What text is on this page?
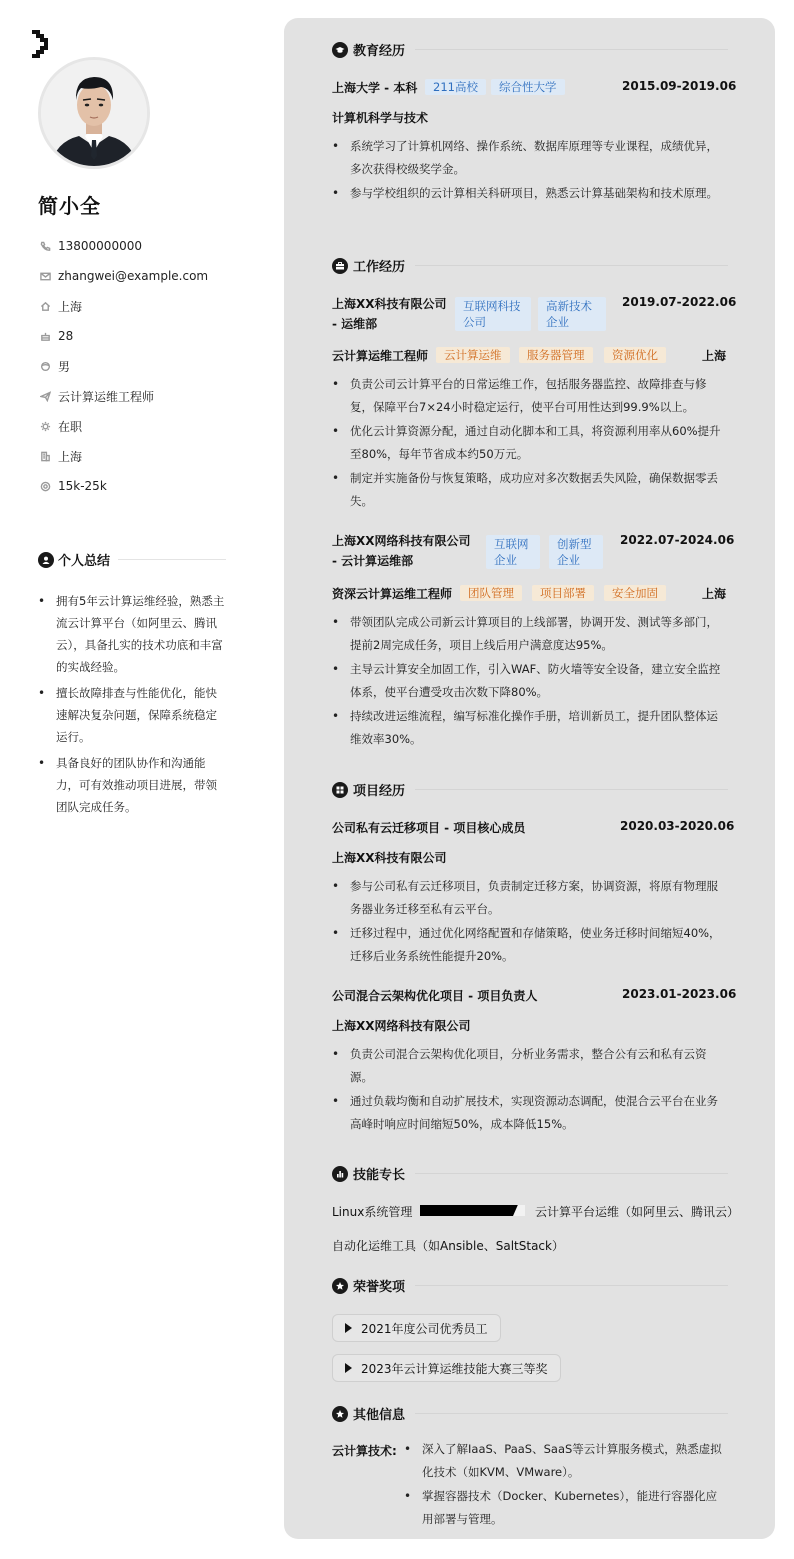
简小全
13800000000
zhangwei@example.com
上海
28
男
云计算运维工程师
在职
上海
15k-25k
个人总结
• 拥有5年云计算运维经验，熟悉主流云计算平台（如阿里云、腾讯云），具备扎实的技术功底和丰富的实战经验。
• 擅长故障排查与性能优化，能快速解决复杂问题，保障系统稳定运行。
• 具备良好的团队协作和沟通能力，可有效推动项目进展，带领团队完成任务。
教育经历
上海大学 - 本科	211高校	综合性大学	2015.09-2019.06
计算机科学与技术
• 系统学习了计算机网络、操作系统、数据库原理等专业课程，成绩优异，多次获得校级奖学金。
• 参与学校组织的云计算相关科研项目，熟悉云计算基础架构和技术原理。
工作经历
上海XX科技有限公司
- 运维部
互联网科技公司
高新技术企业
2019.07-2022.06
云计算运维工程师	云计算运维	服务器管理	资源优化	上海
• 负责公司云计算平台的日常运维工作，包括服务器监控、故障排查与修复，保障平台7×24小时稳定运行，使平台可用性达到99.9%以上。
• 优化云计算资源分配，通过自动化脚本和工具，将资源利用率从60%提升至80%，每年节省成本约50万元。
• 制定并实施备份与恢复策略，成功应对多次数据丢失风险，确保数据零丢失。
上海XX网络科技有限公司
- 云计算运维部
互联网企业
创新型企业
2022.07-2024.06
资深云计算运维工程师	团队管理	项目部署	安全加固	上海
• 带领团队完成公司新云计算项目的上线部署，协调开发、测试等多部门，提前2周完成任务，项目上线后用户满意度达95%。
• 主导云计算安全加固工作，引入WAF、防火墙等安全设备，建立安全监控体系，使平台遭受攻击次数下降80%。
• 持续改进运维流程，编写标准化操作手册，培训新员工，提升团队整体运维效率30%。
项目经历
公司私有云迁移项目 - 项目核心成员	2020.03-2020.06
上海XX科技有限公司
• 参与公司私有云迁移项目，负责制定迁移方案，协调资源，将原有物理服务器业务迁移至私有云平台。
• 迁移过程中，通过优化网络配置和存储策略，使业务迁移时间缩短40%，迁移后业务系统性能提升20%。
公司混合云架构优化项目 - 项目负责人	2023.01-2023.06
上海XX网络科技有限公司
• 负责公司混合云架构优化项目，分析业务需求，整合公有云和私有云资源。
• 通过负载均衡和自动扩展技术，实现资源动态调配，使混合云平台在业务高峰时响应时间缩短50%，成本降低15%。
技能专长
Linux系统管理	云计算平台运维（如阿里云、腾讯云）
自动化运维工具（如Ansible、SaltStack）
荣誉奖项
2021年度公司优秀员工
2023年云计算运维技能大赛三等奖
其他信息
云计算技术:
•	深入了解IaaS、PaaS、SaaS等云计算服务模式，熟悉虚拟化技术（如KVM、VMware）。
• 掌握容器技术（Docker、Kubernetes），能进行容器化应用部署与管理。
